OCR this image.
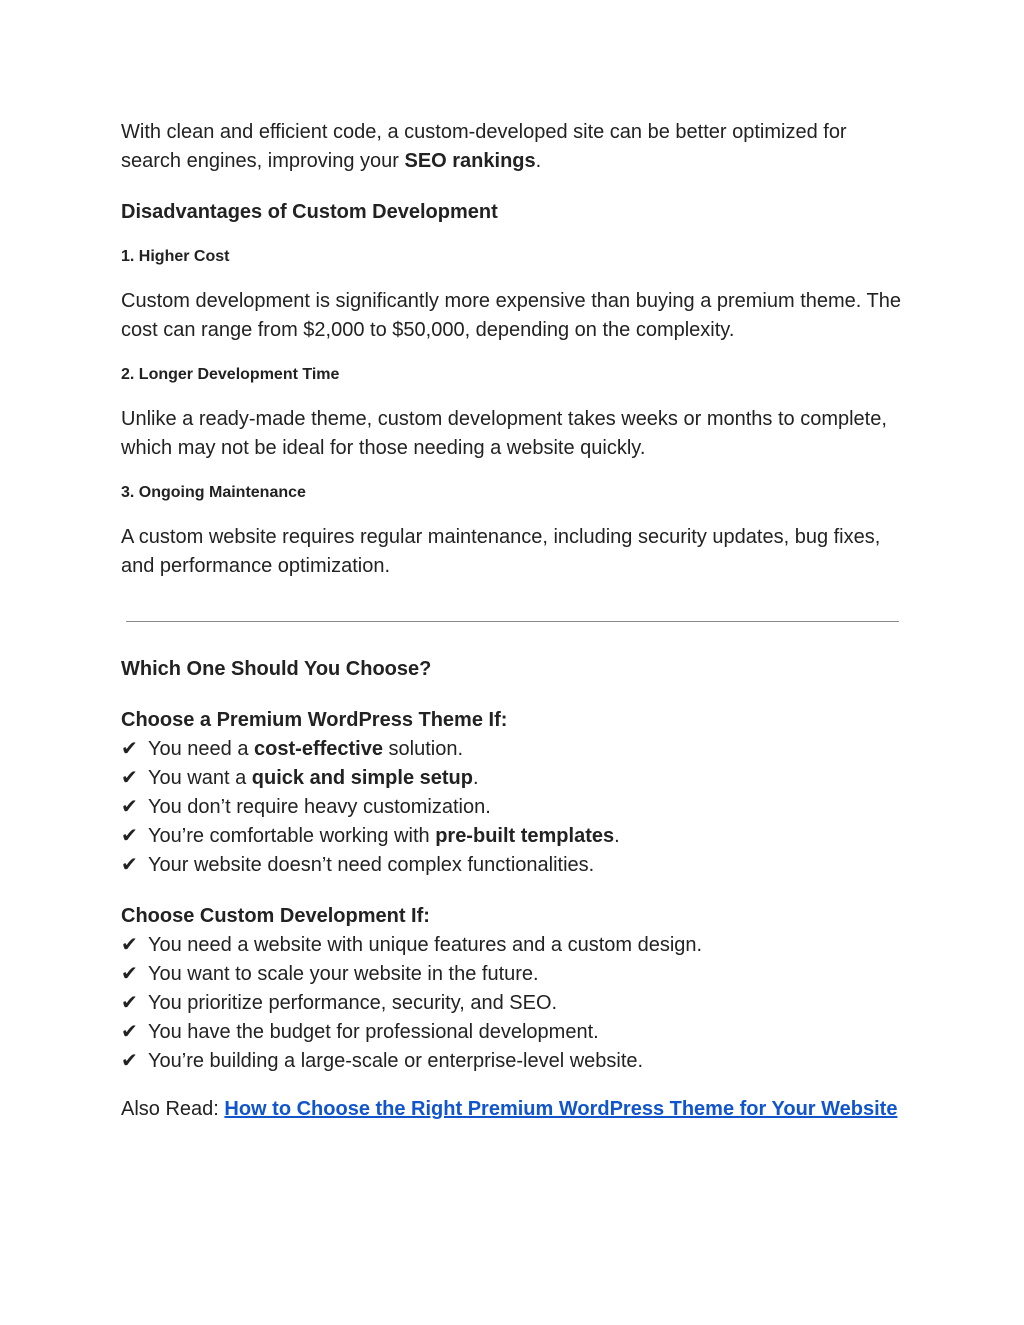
With clean and efficient code, a custom-developed site can be better optimized for search engines, improving your SEO rankings.

Disadvantages of Custom Development
1. Higher Cost

Custom development is significantly more expensive than buying a premium theme. The cost can range from $2,000 to $50,000, depending on the complexity.

2. Longer Development Time

Unlike a ready-made theme, custom development takes weeks or months to complete, which may not be ideal for those needing a website quickly.

3. Ongoing Maintenance

A custom website requires regular maintenance, including security updates, bug fixes, and performance optimization.

Which One Should You Choose?
Choose a Premium WordPress Theme If:
✔ You need a cost-effective solution.
✔ You want a quick and simple setup.
✔ You don’t require heavy customization.
✔ You’re comfortable working with pre-built templates.
✔ Your website doesn’t need complex functionalities.
Choose Custom Development If:
✔ You need a website with unique features and a custom design.
✔ You want to scale your website in the future.
✔ You prioritize performance, security, and SEO.
✔ You have the budget for professional development.
✔ You’re building a large-scale or enterprise-level website.

Also Read: How to Choose the Right Premium WordPress Theme for Your Website
